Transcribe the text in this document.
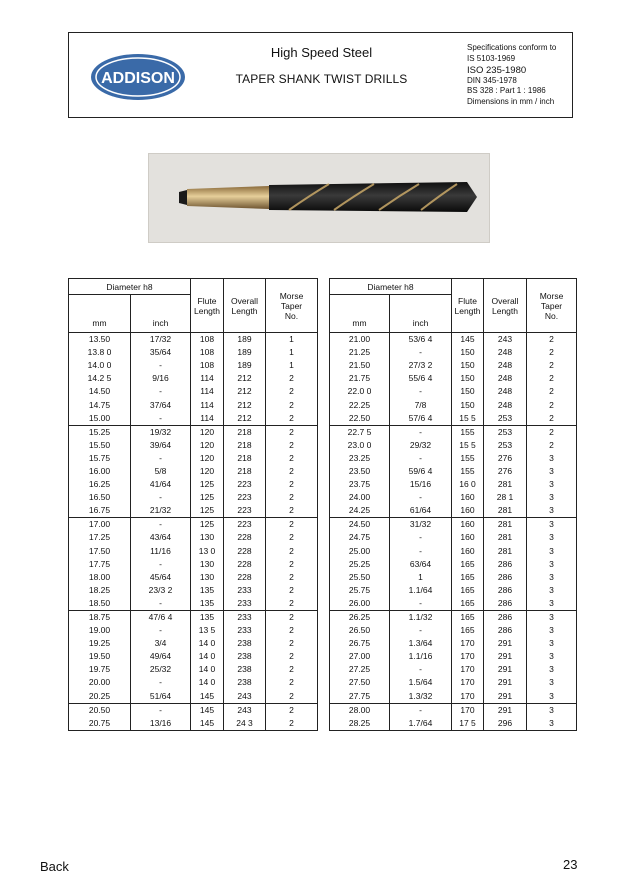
ADDISON
High Speed Steel
TAPER SHANK TWIST DRILLS
Specifications conform to
IS 5103-1969
ISO 235-1980
DIN 345-1978
BS 328 : Part 1 : 1986
Dimensions in mm / inch
Diameter h8		Flute
Length	Overall
Length	Morse
Taper
No.
mm	inch			
13.50	17/32	108	189	1
13.8 0	35/64	108	189	1
14.0 0	-	108	189	1
14.2 5	9/16	114	212	2
14.50	-	114	212	2
14.75	37/64	114	212	2
15.00	-	114	212	2
15.25	19/32	120	218	2
15.50	39/64	120	218	2
15.75	-	120	218	2
16.00	5/8	120	218	2
16.25	41/64	125	223	2
16.50	-	125	223	2
16.75	21/32	125	223	2
17.00	-	125	223	2
17.25	43/64	130	228	2
17.50	11/16	13 0	228	2
17.75	-	130	228	2
18.00	45/64	130	228	2
18.25	23/3 2	135	233	2
18.50	-	135	233	2
18.75	47/6 4	135	233	2
19.00	-	13 5	233	2
19.25	3/4	14 0	238	2
19.50	49/64	14 0	238	2
19.75	25/32	14 0	238	2
20.00	-	14 0	238	2
20.25	51/64	145	243	2
20.50	-	145	243	2
20.75	13/16	145	24 3	2
Diameter h8		Flute
Length	Overall
Length	Morse
Taper
No.
mm	inch			
21.00	53/6 4	145	243	2
21.25	-	150	248	2
21.50	27/3 2	150	248	2
21.75	55/6 4	150	248	2
22.0 0	-	150	248	2
22.25	7/8	150	248	2
22.50	57/6 4	15 5	253	2
22.7 5	-	155	253	2
23.0 0	29/32	15 5	253	2
23.25	-	155	276	3
23.50	59/6 4	155	276	3
23.75	15/16	16 0	281	3
24.00	-	160	28 1	3
24.25	61/64	160	281	3
24.50	31/32	160	281	3
24.75	-	160	281	3
25.00	-	160	281	3
25.25	63/64	165	286	3
25.50	1	165	286	3
25.75	1.1/64	165	286	3
26.00	-	165	286	3
26.25	1.1/32	165	286	3
26.50	-	165	286	3
26.75	1.3/64	170	291	3
27.00	1.1/16	170	291	3
27.25	-	170	291	3
27.50	1.5/64	170	291	3
27.75	1.3/32	170	291	3
28.00	-	170	291	3
28.25	1.7/64	17 5	296	3
Back	23
